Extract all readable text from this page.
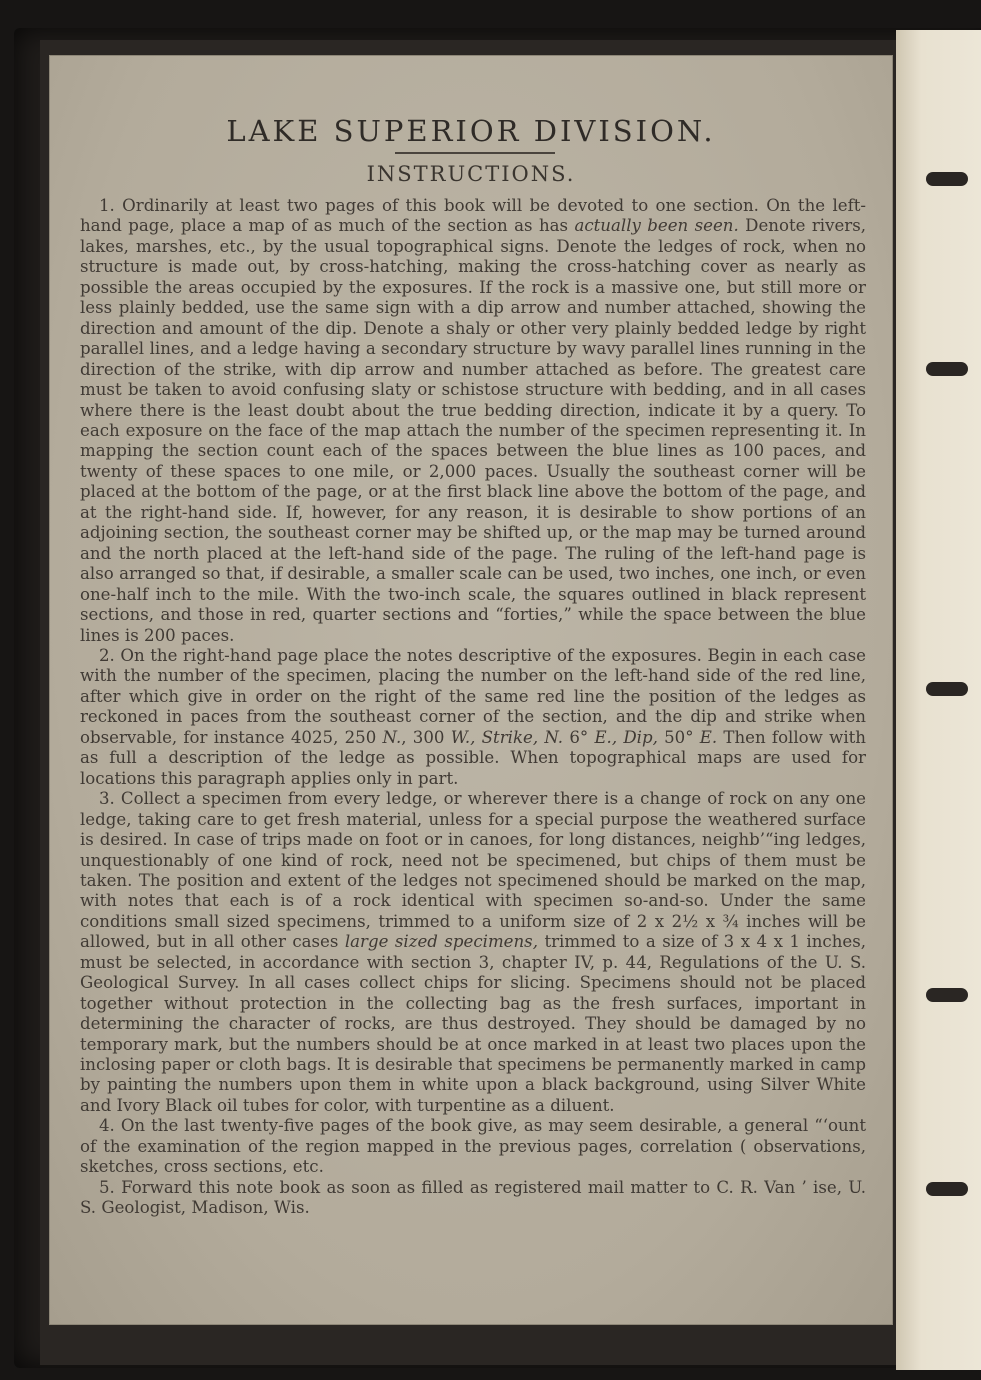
LAKE SUPERIOR DIVISION.
INSTRUCTIONS.

1. Ordinarily at least two pages of this book will be devoted to one section. On the left-hand page, place a map of as much of the section as has actually been seen. Denote rivers, lakes, marshes, etc., by the usual topographical signs. Denote the ledges of rock, when no structure is made out, by cross-hatching, making the cross-hatching cover as nearly as possible the areas occupied by the exposures. If the rock is a massive one, but still more or less plainly bedded, use the same sign with a dip arrow and number attached, showing the direction and amount of the dip. Denote a shaly or other very plainly bedded ledge by right parallel lines, and a ledge having a secondary structure by wavy parallel lines running in the direction of the strike, with dip arrow and number attached as before. The greatest care must be taken to avoid confusing slaty or schistose structure with bedding, and in all cases where there is the least doubt about the true bedding direction, indicate it by a query. To each exposure on the face of the map attach the number of the specimen representing it. In mapping the section count each of the spaces between the blue lines as 100 paces, and twenty of these spaces to one mile, or 2,000 paces. Usually the southeast corner will be placed at the bottom of the page, or at the first black line above the bottom of the page, and at the right-hand side. If, however, for any reason, it is desirable to show portions of an adjoining section, the southeast corner may be shifted up, or the map may be turned around and the north placed at the left-hand side of the page. The ruling of the left-hand page is also arranged so that, if desirable, a smaller scale can be used, two inches, one inch, or even one-half inch to the mile. With the two-inch scale, the squares outlined in black represent sections, and those in red, quarter sections and “forties,” while the space between the blue lines is 200 paces.

2. On the right-hand page place the notes descriptive of the exposures. Begin in each case with the number of the specimen, placing the number on the left-hand side of the red line, after which give in order on the right of the same red line the position of the ledges as reckoned in paces from the southeast corner of the section, and the dip and strike when observable, for instance 4025, 250 N., 300 W., Strike, N. 6° E., Dip, 50° E. Then follow with as full a description of the ledge as possible. When topographical maps are used for locations this paragraph applies only in part.

3. Collect a specimen from every ledge, or wherever there is a change of rock on any one ledge, taking care to get fresh material, unless for a special purpose the weathered surface is desired. In case of trips made on foot or in canoes, for long distances, neighb’“ing ledges, unquestionably of one kind of rock, need not be specimened, but chips of them must be taken. The position and extent of the ledges not specimened should be marked on the map, with notes that each is of a rock identical with specimen so-and-so. Under the same conditions small sized specimens, trimmed to a uniform size of 2 x 2½ x ¾ inches will be allowed, but in all other cases large sized specimens, trimmed to a size of 3 x 4 x 1 inches, must be selected, in accordance with section 3, chapter IV, p. 44, Regulations of the U. S. Geological Survey. In all cases collect chips for slicing. Specimens should not be placed together without protection in the collecting bag as the fresh surfaces, important in determining the character of rocks, are thus destroyed. They should be damaged by no temporary mark, but the numbers should be at once marked in at least two places upon the inclosing paper or cloth bags. It is desirable that specimens be permanently marked in camp by painting the numbers upon them in white upon a black background, using Silver White and Ivory Black oil tubes for color, with turpentine as a diluent.

4. On the last twenty-five pages of the book give, as may seem desirable, a general “‘ount of the examination of the region mapped in the previous pages, correlation ( observations, sketches, cross sections, etc.

5. Forward this note book as soon as filled as registered mail matter to C. R. Van ’ ise, U. S. Geologist, Madison, Wis.
